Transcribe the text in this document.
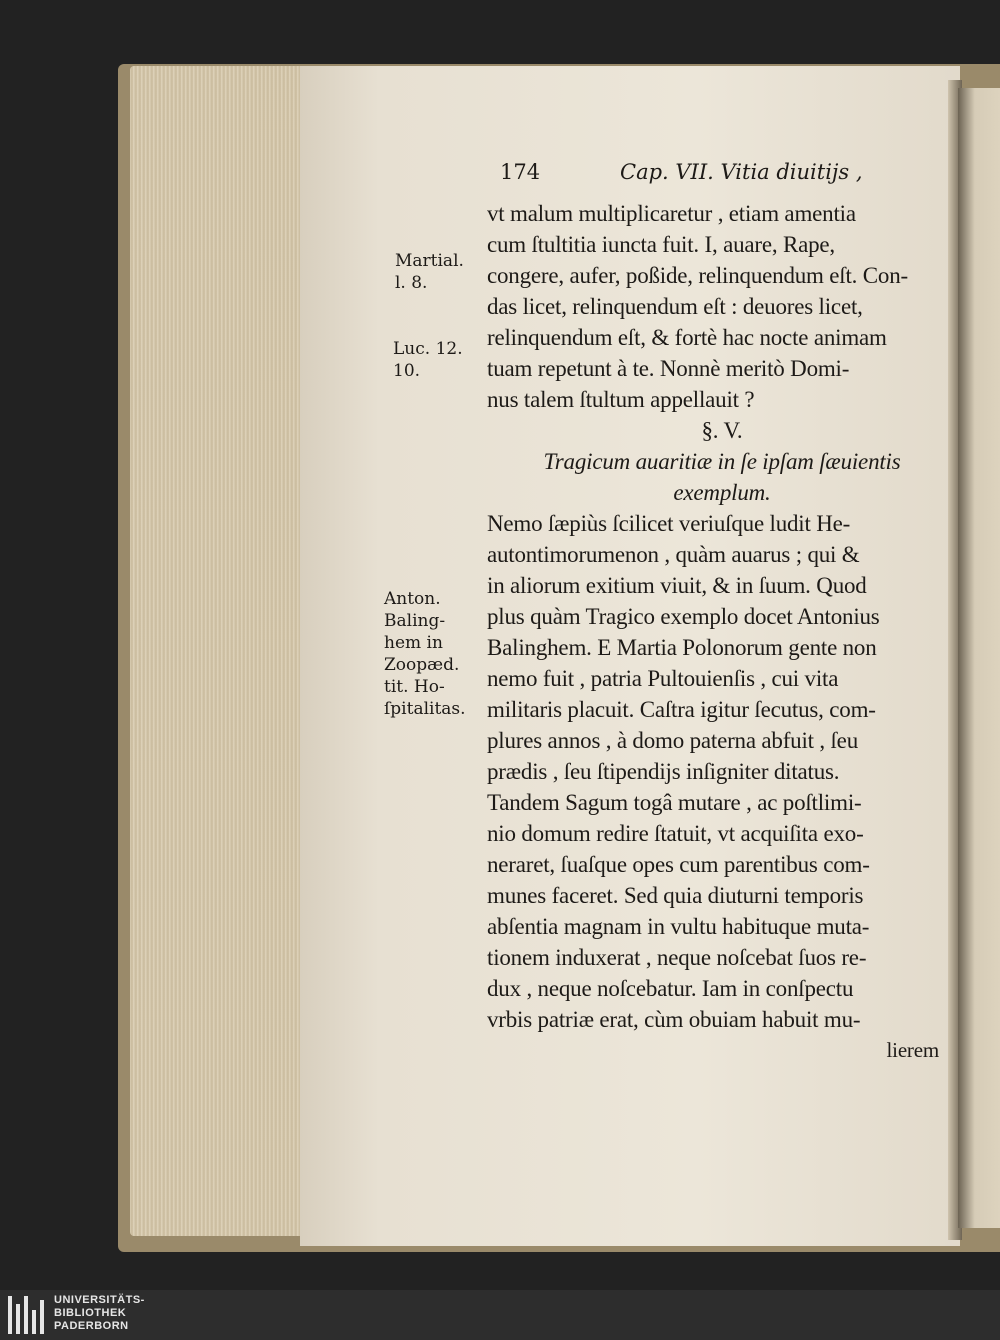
174	Cap. VII. Vitia diuitijs ,
vt malum multiplicaretur , etiam amentia
cum ſtultitia iuncta fuit. I, auare, Rape,
congere, aufer, poßide, relinquendum eſt. Con-
das licet, relinquendum eſt : deuores licet,
relinquendum eſt, & fortè hac nocte animam
tuam repetunt à te. Nonnè meritò Domi-
nus talem ſtultum appellauit ?
§. V.
Tragicum auaritiæ in ſe ipſam ſæuientis
exemplum.
Nemo ſæpiùs ſcilicet veriuſque ludit He-
autontimorumenon , quàm auarus ; qui &
in aliorum exitium viuit, & in ſuum. Quod
plus quàm Tragico exemplo docet Antonius
Balinghem. E Martia Polonorum gente non
nemo fuit , patria Pultouienſis , cui vita
militaris placuit. Caſtra igitur ſecutus, com-
plures annos , à domo paterna abfuit , ſeu
prædis , ſeu ſtipendijs inſigniter ditatus.
Tandem Sagum togâ mutare , ac poſtlimi-
nio domum redire ſtatuit, vt acquiſita exo-
neraret, ſuaſque opes cum parentibus com-
munes faceret. Sed quia diuturni temporis
abſentia magnam in vultu habituque muta-
tionem induxerat , neque noſcebat ſuos re-
dux , neque noſcebatur. Iam in conſpectu
vrbis patriæ erat, cùm obuiam habuit mu-
lierem
Martial.
l. 8.
Luc. 12.
10.
Anton.
Baling-
hem in
Zoopæd.
tit. Ho-
ſpitalitas.
UNIVERSITÄTS-
BIBLIOTHEK
PADERBORN
